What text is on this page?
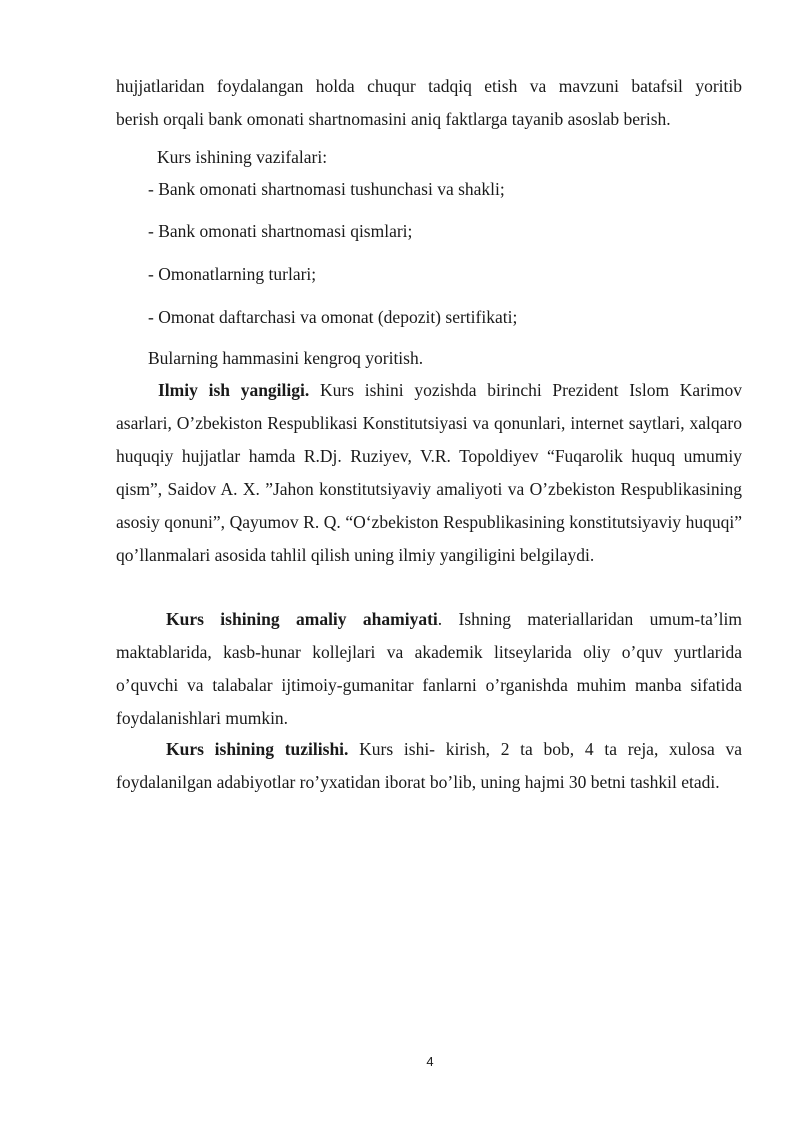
hujjatlaridan foydalangan holda chuqur tadqiq etish va mavzuni batafsil yoritib
berish orqali bank omonati shartnomasini aniq faktlarga tayanib asoslab berish.
Kurs ishining vazifalari:
- Bank omonati shartnomasi tushunchasi va shakli;
- Bank omonati shartnomasi qismlari;
- Omonatlarning turlari;
- Omonat daftarchasi va omonat (depozit) sertifikati;
Bularning hammasini kengroq yoritish.

Ilmiy ish yangiligi. Kurs ishini yozishda birinchi Prezident Islom Karimov asarlari, O’zbekiston Respublikasi Konstitutsiyasi va qonunlari, internet saytlari, xalqaro huquqiy hujjatlar hamda R.Dj. Ruziyev, V.R. Topoldiyev “Fuqarolik huquq umumiy qism”, Saidov A. X. ”Jahon konstitutsiyaviy amaliyoti va O’zbekiston Respublikasining asosiy qonuni”, Qayumov R. Q. “O‘zbekiston Respublikasining konstitutsiyaviy huquqi” qo’llanmalari asosida tahlil qilish uning ilmiy yangiligini belgilaydi.

Kurs ishining amaliy ahamiyati. Ishning materiallaridan umum-ta’lim maktablarida, kasb-hunar kollejlari va akademik litseylarida oliy o’quv yurtlarida o’quvchi va talabalar ijtimoiy-gumanitar fanlarni o’rganishda muhim manba sifatida foydalanishlari mumkin.

Kurs ishining tuzilishi. Kurs ishi- kirish, 2 ta bob, 4 ta reja, xulosa va foydalanilgan adabiyotlar ro’yxatidan iborat bo’lib, uning hajmi 30 betni tashkil etadi.

4
